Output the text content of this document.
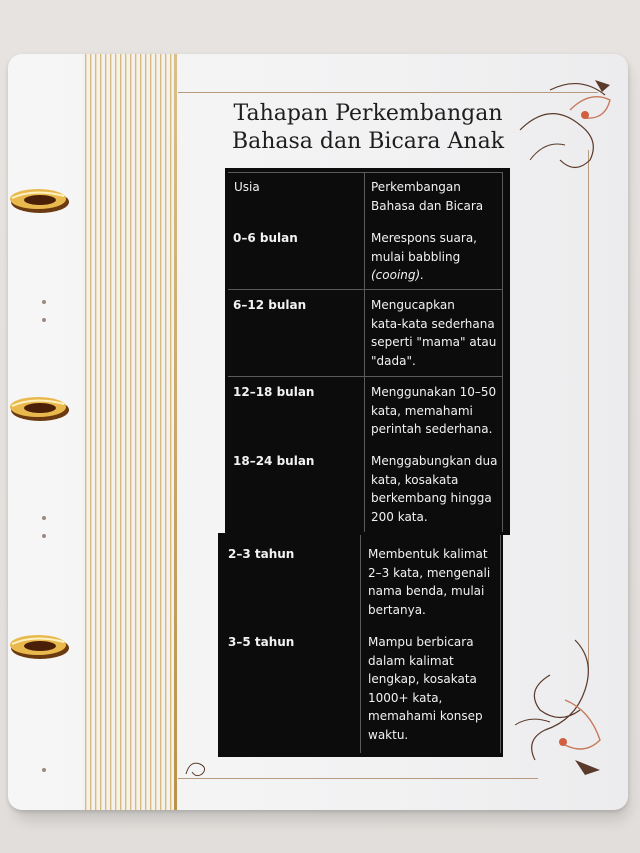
Tahapan Perkembangan
Bahasa dan Bicara Anak
Usia	Perkembangan
Bahasa dan Bicara
0–6 bulan	Merespons suara,
mulai babbling
(cooing).
6–12 bulan	Mengucapkan
kata-kata sederhana
seperti "mama" atau
"dada".
12–18 bulan	Menggunakan 10–50
kata, memahami
perintah sederhana.
18–24 bulan	Menggabungkan dua
kata, kosakata
berkembang hingga
200 kata.
2–3 tahun	Membentuk kalimat
2–3 kata, mengenali
nama benda, mulai
bertanya.
3–5 tahun	Mampu berbicara
dalam kalimat
lengkap, kosakata
1000+ kata,
memahami konsep
waktu.
